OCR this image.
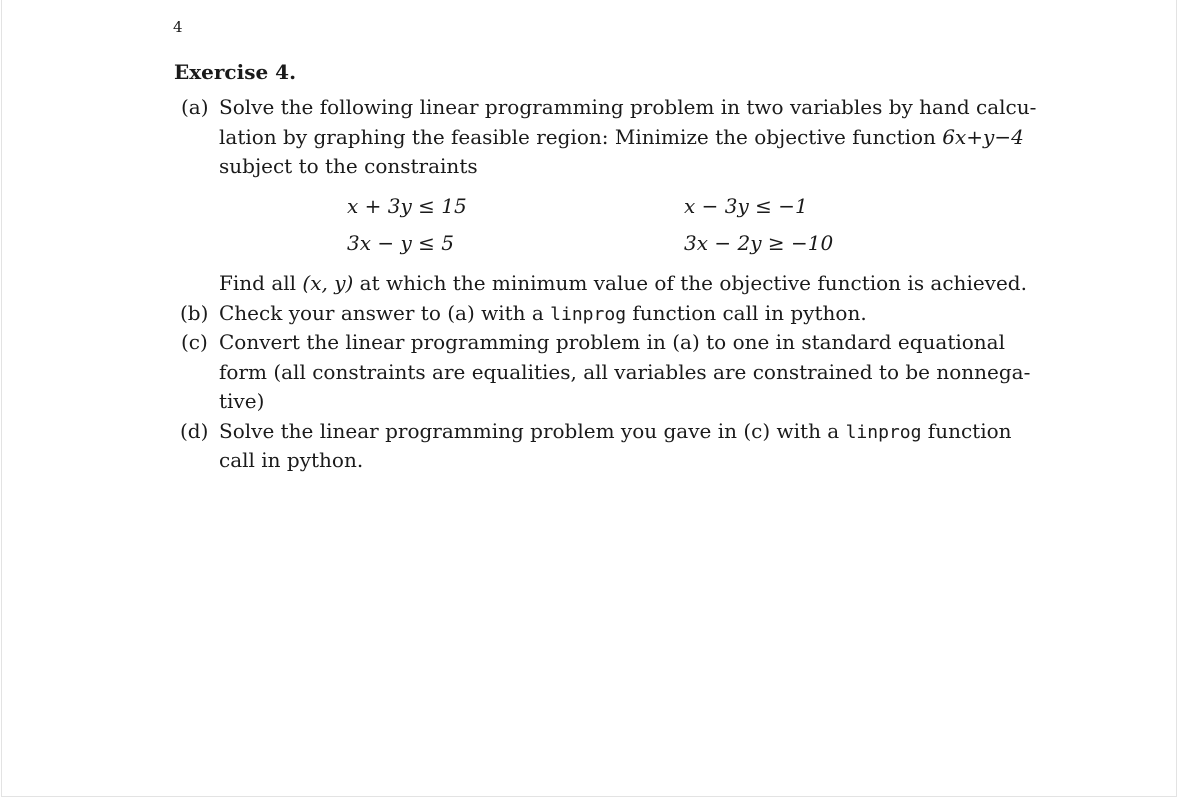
4
Exercise 4.
(a) Solve the following linear programming problem in two variables by hand calcu-
lation by graphing the feasible region: Minimize the objective function 6x+y−4
subject to the constraints
x + 3y ≤ 15	x − 3y ≤ −1
3x − y ≤ 5	3x − 2y ≥ −10
Find all (x, y) at which the minimum value of the objective function is achieved.
(b) Check your answer to (a) with a linprog function call in python.
(c) Convert the linear programming problem in (a) to one in standard equational
form (all constraints are equalities, all variables are constrained to be nonnega-
tive)
(d) Solve the linear programming problem you gave in (c) with a linprog function
call in python.
